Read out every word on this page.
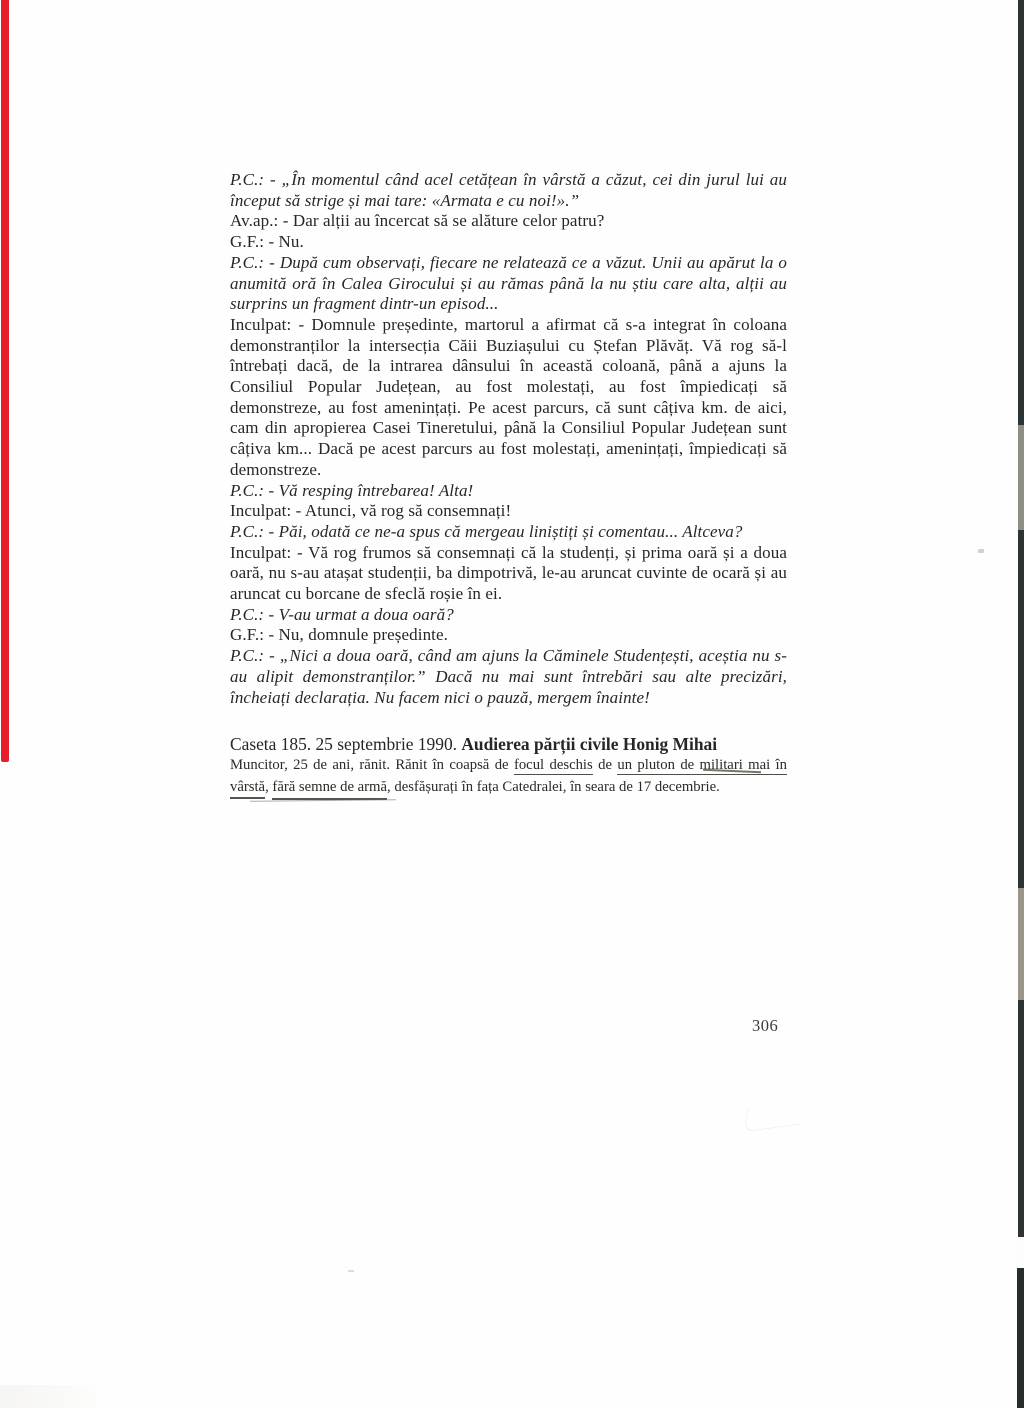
P.C.: - „În momentul când acel cetățean în vârstă a căzut, cei din jurul lui au început să strige și mai tare: «Armata e cu noi!».”

Av.ap.: - Dar alții au încercat să se alăture celor patru?

G.F.: - Nu.

P.C.: - După cum observați, fiecare ne relatează ce a văzut. Unii au apărut la o anumită oră în Calea Girocului și au rămas până la nu știu care alta, alții au surprins un fragment dintr-un episod...

Inculpat: - Domnule președinte, martorul a afirmat că s-a integrat în coloana demonstranților la intersecția Căii Buziașului cu Ștefan Plăvăț. Vă rog să-l întrebați dacă, de la intrarea dânsului în această coloană, până a ajuns la Consiliul Popular Județean, au fost molestați, au fost împiedicați să demonstreze, au fost amenințați. Pe acest parcurs, că sunt câțiva km. de aici, cam din apropierea Casei Tineretului, până la Consiliul Popular Județean sunt câțiva km... Dacă pe acest parcurs au fost molestați, amenințați, împiedicați să demonstreze.

P.C.: - Vă resping întrebarea! Alta!

Inculpat: - Atunci, vă rog să consemnați!

P.C.: - Păi, odată ce ne-a spus că mergeau liniștiți și comentau... Altceva?

Inculpat: - Vă rog frumos să consemnați că la studenți, și prima oară și a doua oară, nu s-au atașat studenții, ba dimpotrivă, le-au aruncat cuvinte de ocară și au aruncat cu borcane de sfeclă roșie în ei.

P.C.: - V-au urmat a doua oară?

G.F.: - Nu, domnule președinte.

P.C.: - „Nici a doua oară, când am ajuns la Căminele Studențești, aceștia nu s-au alipit demonstranților.” Dacă nu mai sunt întrebări sau alte precizări, încheiați declarația. Nu facem nici o pauză, mergem înainte!

Caseta 185. 25 septembrie 1990. Audierea părții civile Honig Mihai
Muncitor, 25 de ani, rănit. Rănit în coapsă de focul deschis de un pluton de militari mai în
vârstă, fără semne de armă, desfășurați în fața Catedralei, în seara de 17 decembrie.
306
